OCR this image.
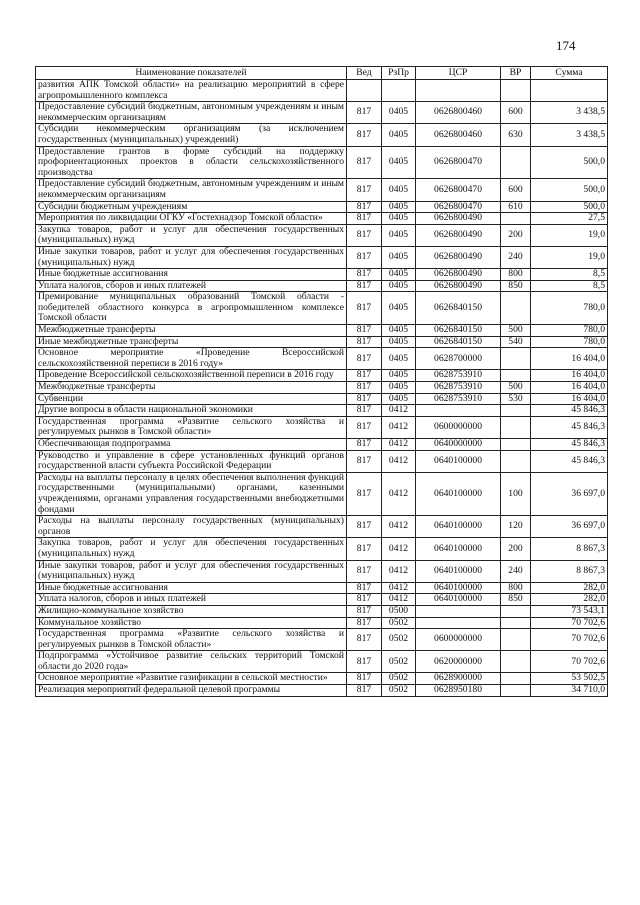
174
Наименование показателей	Вед	РзПр	ЦСР	ВР	Сумма
развития АПК Томской области» на реализацию мероприятий в сфере агропромышленного комплекса					
Предоставление субсидий бюджетным, автономным учреждениям и иным некоммерческим организациям	817	0405	0626800460	600	3 438,5
Субсидии некоммерческим организациям (за исключением государственных (муниципальных) учреждений)	817	0405	0626800460	630	3 438,5
Предоставление грантов в форме субсидий на поддержку профориентационных проектов в области сельскохозяйственного производства	817	0405	0626800470		500,0
Предоставление субсидий бюджетным, автономным учреждениям и иным некоммерческим организациям	817	0405	0626800470	600	500,0
Субсидии бюджетным учреждениям	817	0405	0626800470	610	500,0
Мероприятия по ликвидации ОГКУ «Гостехнадзор Томской области»	817	0405	0626800490		27,5
Закупка товаров, работ и услуг для обеспечения государственных (муниципальных) нужд	817	0405	0626800490	200	19,0
Иные закупки товаров, работ и услуг для обеспечения государственных (муниципальных) нужд	817	0405	0626800490	240	19,0
Иные бюджетные ассигнования	817	0405	0626800490	800	8,5
Уплата налогов, сборов и иных платежей	817	0405	0626800490	850	8,5
Премирование муниципальных образований Томской области - победителей областного конкурса в агропромышленном комплексе Томской области	817	0405	0626840150		780,0
Межбюджетные трансферты	817	0405	0626840150	500	780,0
Иные межбюджетные трансферты	817	0405	0626840150	540	780,0
Основное мероприятие «Проведение Всероссийской сельскохозяйственной переписи в 2016 году»	817	0405	0628700000		16 404,0
Проведение Всероссийской сельскохозяйственной переписи в 2016 году	817	0405	0628753910		16 404,0
Межбюджетные трансферты	817	0405	0628753910	500	16 404,0
Субвенции	817	0405	0628753910	530	16 404,0
Другие вопросы в области национальной экономики	817	0412			45 846,3
Государственная программа «Развитие сельского хозяйства и регулируемых рынков в Томской области»	817	0412	0600000000		45 846,3
Обеспечивающая подпрограмма	817	0412	0640000000		45 846,3
Руководство и управление в сфере установленных функций органов государственной власти субъекта Российской Федерации	817	0412	0640100000		45 846,3
Расходы на выплаты персоналу в целях обеспечения выполнения функций государственными (муниципальными) органами, казенными учреждениями, органами управления государственными внебюджетными фондами	817	0412	0640100000	100	36 697,0
Расходы на выплаты персоналу государственных (муниципальных) органов	817	0412	0640100000	120	36 697,0
Закупка товаров, работ и услуг для обеспечения государственных (муниципальных) нужд	817	0412	0640100000	200	8 867,3
Иные закупки товаров, работ и услуг для обеспечения государственных (муниципальных) нужд	817	0412	0640100000	240	8 867,3
Иные бюджетные ассигнования	817	0412	0640100000	800	282,0
Уплата налогов, сборов и иных платежей	817	0412	0640100000	850	282,0
Жилищно-коммунальное хозяйство	817	0500			73 543,1
Коммунальное хозяйство	817	0502			70 702,6
Государственная программа «Развитие сельского хозяйства и регулируемых рынков в Томской области»	817	0502	0600000000		70 702,6
Подпрограмма «Устойчивое развитие сельских территорий Томской области до 2020 года»	817	0502	0620000000		70 702,6
Основное мероприятие «Развитие газификации в сельской местности»	817	0502	0628900000		53 502,5
Реализация мероприятий федеральной целевой программы	817	0502	0628950180		34 710,0
